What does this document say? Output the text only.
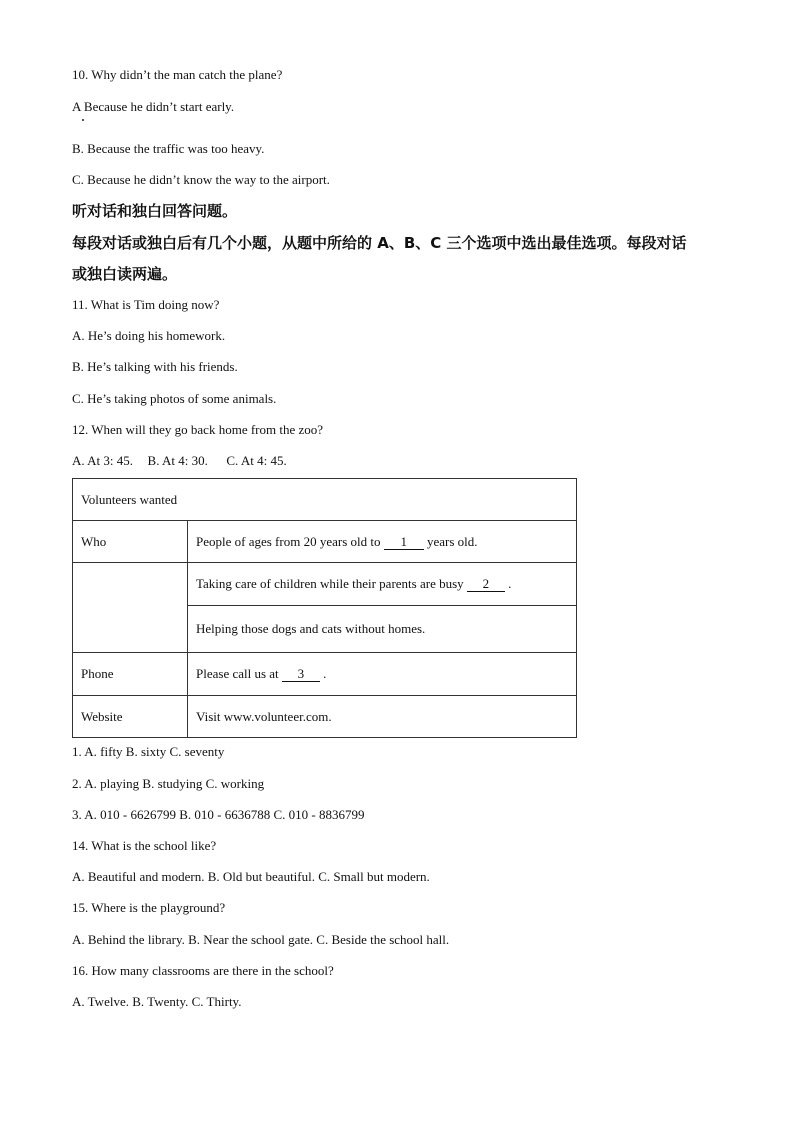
10. Why didn’t the man catch the plane?
A Because he didn’t start early.
B. Because the traffic was too heavy.
C. Because he didn’t know the way to the airport.
听对话和独白回答问题。
每段对话或独白后有几个小题，从题中所给的 A、B、C 三个选项中选出最佳选项。每段对话
或独白读两遍。
11. What is Tim doing now?
A. He’s doing his homework.
B. He’s talking with his friends.
C. He’s taking photos of some animals.
12. When will they go back home from the zoo?
A. At 3: 45. B. At 4: 30. C. At 4: 45.
Volunteers wanted	
Who	People of ages from 20 years old to 1 years old.
	Taking care of children while their parents are busy 2 .
	Helping those dogs and cats without homes.
Phone	Please call us at 3 .
Website	Visit www.volunteer.com.
1. A. fifty B. sixty C. seventy
2. A. playing B. studying C. working
3. A. 010 - 6626799 B. 010 - 6636788 C. 010 - 8836799
14. What is the school like?
A. Beautiful and modern. B. Old but beautiful. C. Small but modern.
15. Where is the playground?
A. Behind the library. B. Near the school gate. C. Beside the school hall.
16. How many classrooms are there in the school?
A. Twelve. B. Twenty. C. Thirty.
